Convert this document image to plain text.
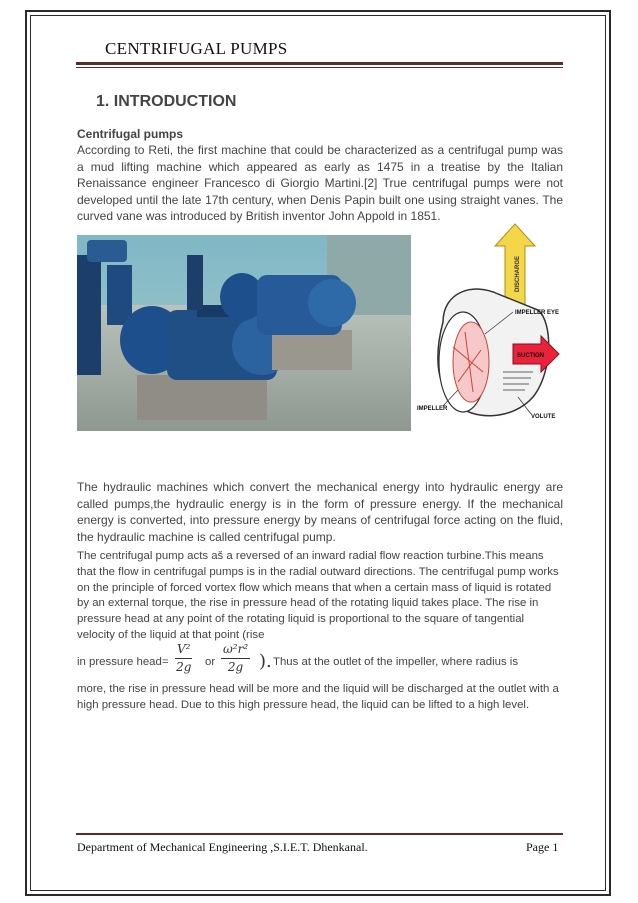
CENTRIFUGAL PUMPS
1. INTRODUCTION
Centrifugal pumps
According to Reti, the first machine that could be characterized as a centrifugal pump was a mud lifting machine which appeared as early as 1475 in a treatise by the Italian Renaissance engineer Francesco di Giorgio Martini.[2] True centrifugal pumps were not developed until the late 17th century, when Denis Papin built one using straight vanes. The curved vane was introduced by British inventor John Appold in 1851.
DISCHARGE
SUCTION
IMPELLER EYE
IMPELLER
VOLUTE
The hydraulic machines which convert the mechanical energy into hydraulic energy are called pumps,the hydraulic energy is in the form of pressure energy. If the mechanical energy is converted, into pressure energy by means of centrifugal force acting on the fluid, the hydraulic machine is called centrifugal pump.
The centrifugal pump acts aš a reversed of an inward radial flow reaction turbine.This means that the flow in centrifugal pumps is in the radial outward directions. The centrifugal pump works on the principle of forced vortex flow which means that when a certain mass of liquid is rotated by an external torque, the rise in pressure head of the rotating liquid takes place. The rise in pressure head at any point of the rotating liquid is proportional to the square of tangential velocity of the liquid at that point (rise
in pressure head= $\frac{\text{V²}}{2g}$ or $\frac{\text{ω²r²}}{2g}$ ). Thus at the outlet of the impeller, where radius is
more, the rise in pressure head will be more and the liquid will be discharged at the outlet with a high pressure head. Due to this high pressure head, the liquid can be lifted to a high level.
Department of Mechanical Engineering ,S.I.E.T. Dhenkanal.	Page 1
